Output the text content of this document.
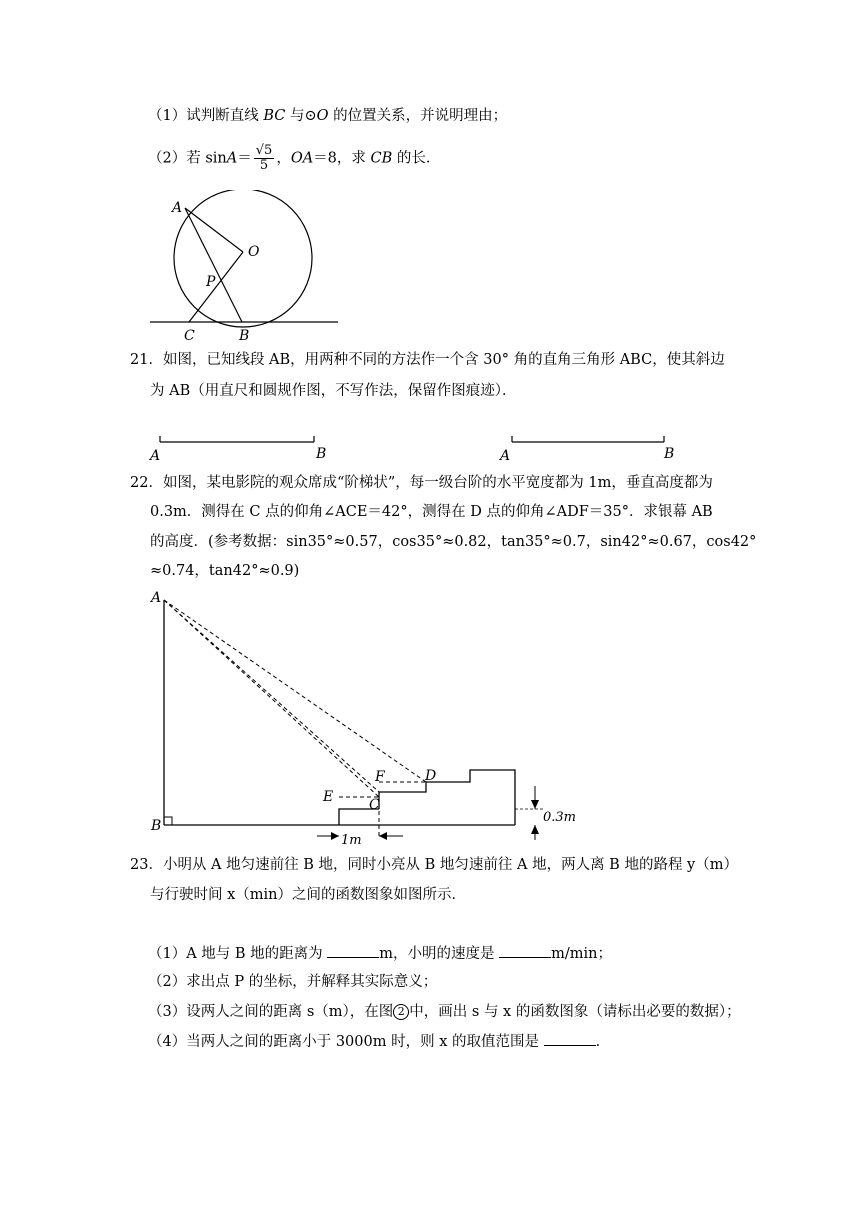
（1）试判断直线 BC 与⊙O 的位置关系，并说明理由；
（2）若 $\sin A= \frac{√5}{5}$ ，OA＝8，求 CB 的长．
A
O
P
C	B
21．如图，已知线段 AB，用两种不同的方法作一个含 30° 角的直角三角形 ABC，使其斜边
为 AB（用直尺和圆规作图，不写作法，保留作图痕迹）．
A	B	A	B
22．如图，某电影院的观众席成“阶梯状”，每一级台阶的水平宽度都为 1m，垂直高度都为
0.3m．测得在 C 点的仰角∠ACE＝42°，测得在 D 点的仰角∠ADF＝35°．求银幕 AB
的高度．(参考数据：sin35°≈0.57，cos35°≈0.82，tan35°≈0.7，sin42°≈0.67，cos42°
≈0.74，tan42°≈0.9)
1m
0.3m
A
B
C
D
E
F
23．小明从 A 地匀速前往 B 地，同时小亮从 B 地匀速前往 A 地，两人离 B 地的路程 y（m）
与行驶时间 x（min）之间的函数图象如图所示．
（1）A 地与 B 地的距离为	m，小明的速度是	m/min；
（2）求出点 P 的坐标，并解释其实际意义；
（3）设两人之间的距离 s（m），在图 2 中，画出 s 与 x 的函数图象（请标出必要的数据）；
（4）当两人之间的距离小于 3000m 时，则 x 的取值范围是	．
